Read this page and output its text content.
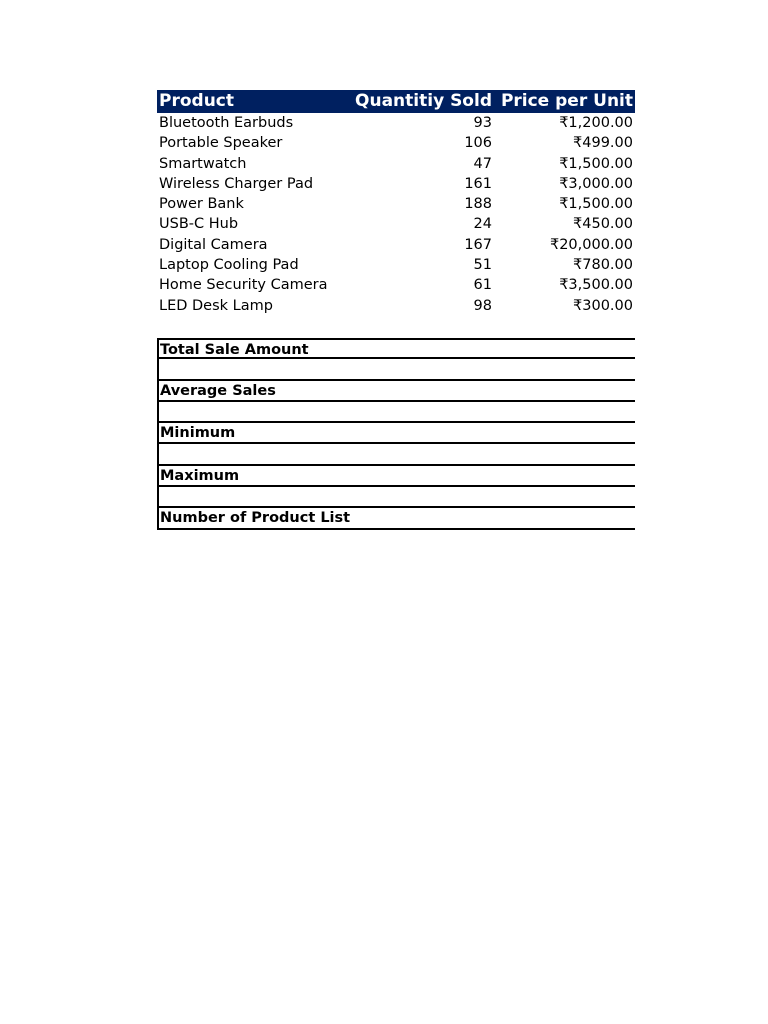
Product	Quantitiy Sold	Price per Unit
Bluetooth Earbuds	93	₹1,200.00
Portable Speaker	106	₹499.00
Smartwatch	47	₹1,500.00
Wireless Charger Pad	161	₹3,000.00
Power Bank	188	₹1,500.00
USB-C Hub	24	₹450.00
Digital Camera	167	₹20,000.00
Laptop Cooling Pad	51	₹780.00
Home Security Camera	61	₹3,500.00
LED Desk Lamp	98	₹300.00
Total Sale Amount
Average Sales
Minimum
Maximum
Number of Product List
